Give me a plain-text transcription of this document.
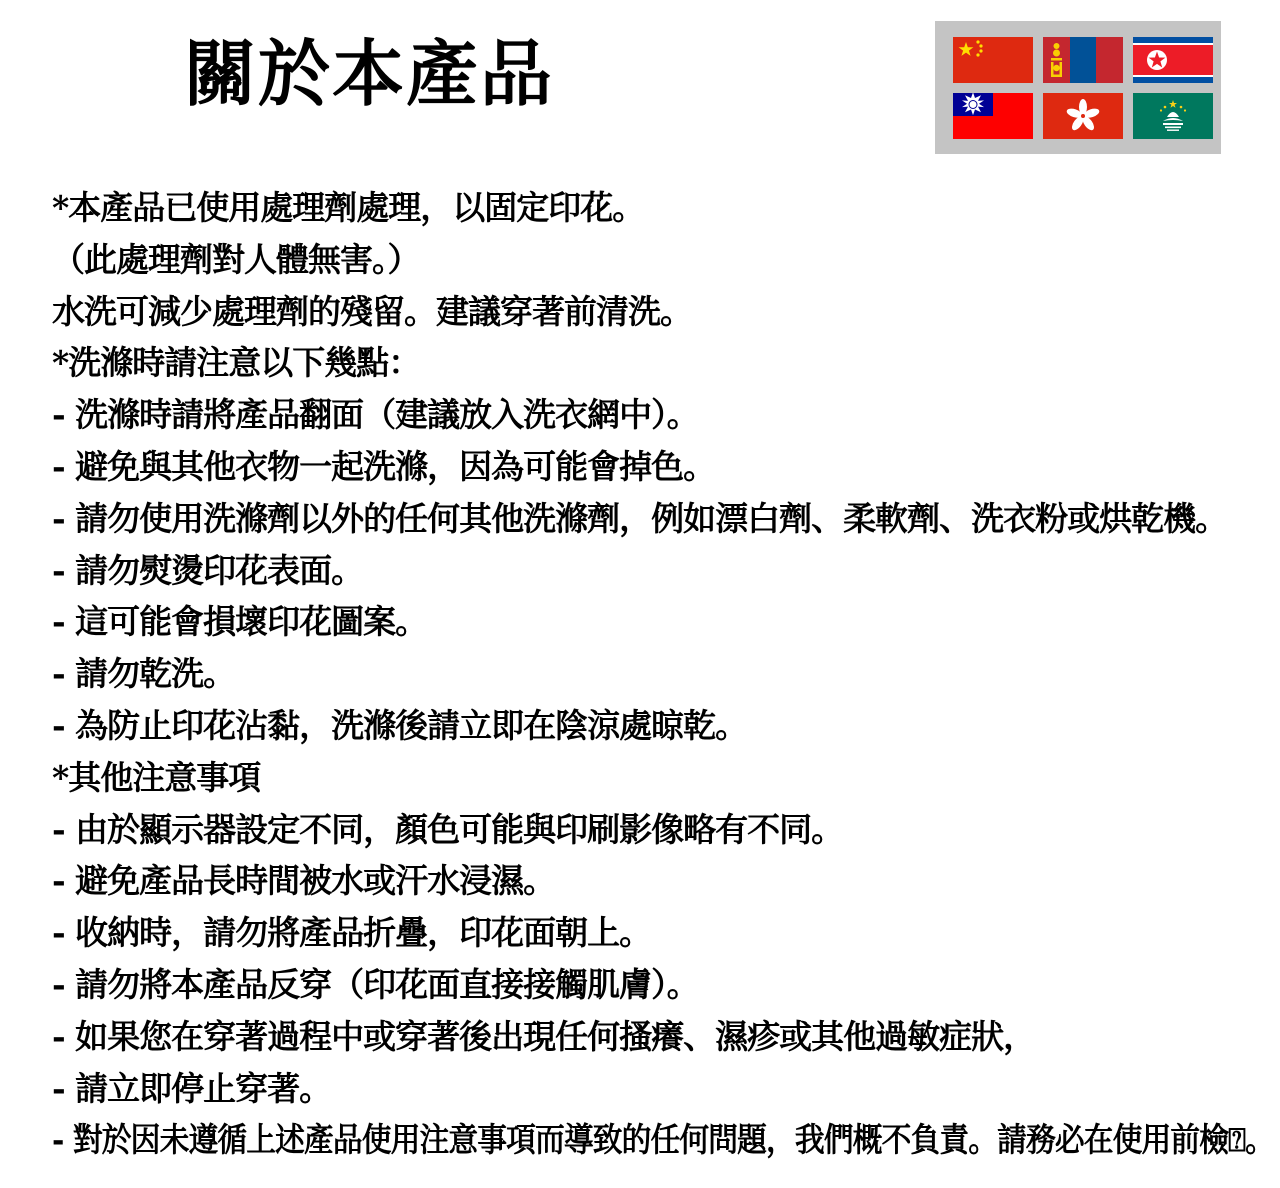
關於本產品
*本產品已使用處理劑處理，以固定印花。
（此處理劑對人體無害。）
水洗可減少處理劑的殘留。建議穿著前清洗。
*洗滌時請注意以下幾點：
- 洗滌時請將產品翻面（建議放入洗衣網中）。
- 避免與其他衣物一起洗滌，因為可能會掉色。
- 請勿使用洗滌劑以外的任何其他洗滌劑，例如漂白劑、柔軟劑、洗衣粉或烘乾機。
- 請勿熨燙印花表面。
- 這可能會損壞印花圖案。
- 請勿乾洗。
- 為防止印花沾黏，洗滌後請立即在陰涼處晾乾。
*其他注意事項
- 由於顯示器設定不同，顏色可能與印刷影像略有不同。
- 避免產品長時間被水或汗水浸濕。
- 收納時，請勿將產品折疊，印花面朝上。
- 請勿將本產品反穿（印花面直接接觸肌膚）。
- 如果您在穿著過程中或穿著後出現任何搔癢、濕疹或其他過敏症狀，
- 請立即停止穿著。
- 對於因未遵循上述產品使用注意事項而導致的任何問題，我們概不負責。請務必在使用前檢⍰。
